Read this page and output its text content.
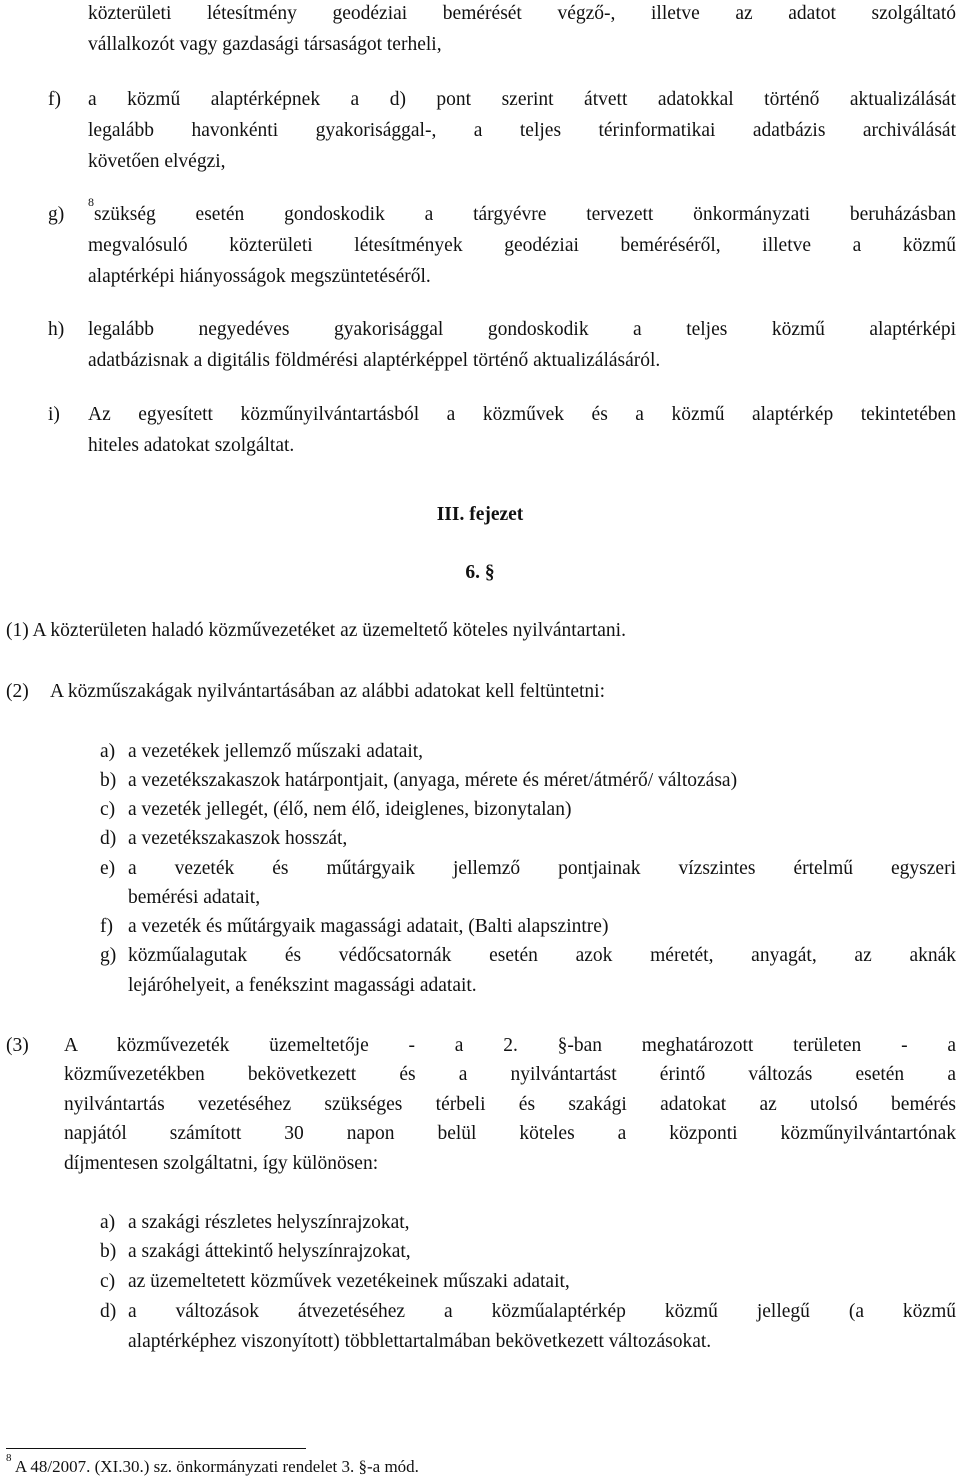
közterületi létesítmény geodéziai bemérését végző-, illetve az adatot szolgáltató
vállalkozót vagy gazdasági társaságot terheli,
f) a közmű alaptérképnek a d) pont szerint átvett adatokkal történő aktualizálását
legalább havonkénti gyakorisággal-, a teljes térinformatikai adatbázis archiválását
követően elvégzi,
g)
$^8$
szükség esetén gondoskodik a tárgyévre tervezett önkormányzati beruházásban
megvalósuló közterületi létesítmények geodéziai beméréséről, illetve a közmű
alaptérképi hiányosságok megszüntetéséről.
h) legalább negyedéves gyakorisággal gondoskodik a teljes közmű alaptérképi
adatbázisnak a digitális földmérési alaptérképpel történő aktualizálásáról.
i) Az egyesített közműnyilvántartásból a közművek és a közmű alaptérkép tekintetében
hiteles adatokat szolgáltat.
III. fejezet
6. §
(1) A közterületen haladó közművezetéket az üzemeltető köteles nyilvántartani.
(2) A közműszakágak nyilvántartásában az alábbi adatokat kell feltüntetni:
a) a vezetékek jellemző műszaki adatait,
b) a vezetékszakaszok határpontjait, (anyaga, mérete és méret/átmérő/ változása)
c) a vezeték jellegét, (élő, nem élő, ideiglenes, bizonytalan)
d) a vezetékszakaszok hosszát,
e) a vezeték és műtárgyaik jellemző pontjainak vízszintes értelmű egyszeri
bemérési adatait,
f) a vezeték és műtárgyaik magassági adatait, (Balti alapszintre)
g) közműalagutak és védőcsatornák esetén azok méretét, anyagát, az aknák
lejáróhelyeit, a fenékszint magassági adatait.
(3) A közművezeték üzemeltetője - a 2. §-ban meghatározott területen - a
közművezetékben bekövetkezett és a nyilvántartást érintő változás esetén a
nyilvántartás vezetéséhez szükséges térbeli és szakági adatokat az utolsó bemérés
napjától számított 30 napon belül köteles a központi közműnyilvántartónak
díjmentesen szolgáltatni, így különösen:
a) a szakági részletes helyszínrajzokat,
b) a szakági áttekintő helyszínrajzokat,
c) az üzemeltetett közművek vezetékeinek műszaki adatait,
d) a változások átvezetéséhez a közműalaptérkép közmű jellegű (a közmű
alaptérképhez viszonyított) többlettartalmában bekövetkezett változásokat.
$^8$ A 48/2007. (XI.30.) sz. önkormányzati rendelet 3. §-a mód.
